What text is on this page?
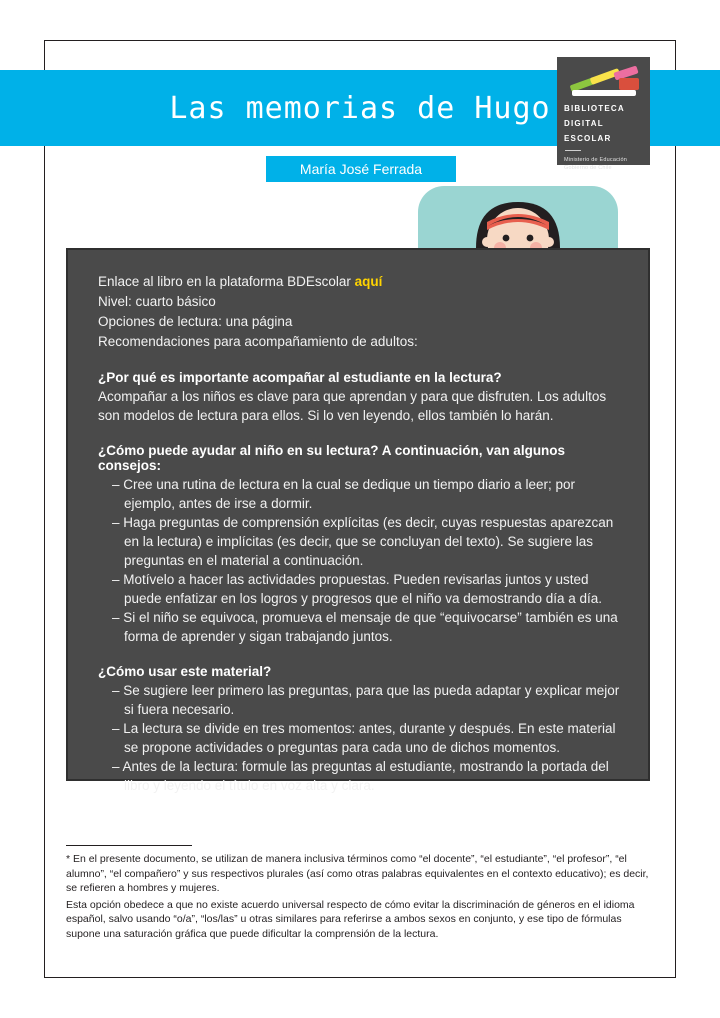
Las memorias de Hugo
María José Ferrada
BIBLIOTECA
DIGITAL
ESCOLAR
Ministerio de Educación
Gobierno de Chile
Enlace al libro en la plataforma BDEscolar aquí
Nivel: cuarto básico
Opciones de lectura: una página
Recomendaciones para acompañamiento de adultos:
¿Por qué es importante acompañar al estudiante en la lectura?
Acompañar a los niños es clave para que aprendan y para que disfruten. Los adultos son modelos de lectura para ellos. Si lo ven leyendo, ellos también lo harán.
¿Cómo puede ayudar al niño en su lectura? A continuación, van algunos consejos:
– Cree una rutina de lectura en la cual se dedique un tiempo diario a leer; por ejemplo, antes de irse a dormir.
– Haga preguntas de comprensión explícitas (es decir, cuyas respuestas aparezcan en la lectura) e implícitas (es decir, que se concluyan del texto). Se sugiere las preguntas en el material a continuación.
– Motívelo a hacer las actividades propuestas. Pueden revisarlas juntos y usted puede enfatizar en los logros y progresos que el niño va demostrando día a día.
– Si el niño se equivoca, promueva el mensaje de que “equivocarse” también es una forma de aprender y sigan trabajando juntos.
¿Cómo usar este material?
– Se sugiere leer primero las preguntas, para que las pueda adaptar y explicar mejor si fuera necesario.
– La lectura se divide en tres momentos: antes, durante y después. En este material se propone actividades o preguntas para cada uno de dichos momentos.
– Antes de la lectura: formule las preguntas al estudiante, mostrando la portada del libro y leyendo el título en voz alta y clara.

* En el presente documento, se utilizan de manera inclusiva términos como “el docente”, “el estudiante”, “el profesor”, “el alumno”, “el compañero” y sus respectivos plurales (así como otras palabras equivalentes en el contexto educativo); es decir, se refieren a hombres y mujeres.

Esta opción obedece a que no existe acuerdo universal respecto de cómo evitar la discriminación de géneros en el idioma español, salvo usando “o/a”, “los/las” u otras similares para referirse a ambos sexos en conjunto, y ese tipo de fórmulas supone una saturación gráfica que puede dificultar la comprensión de la lectura.
